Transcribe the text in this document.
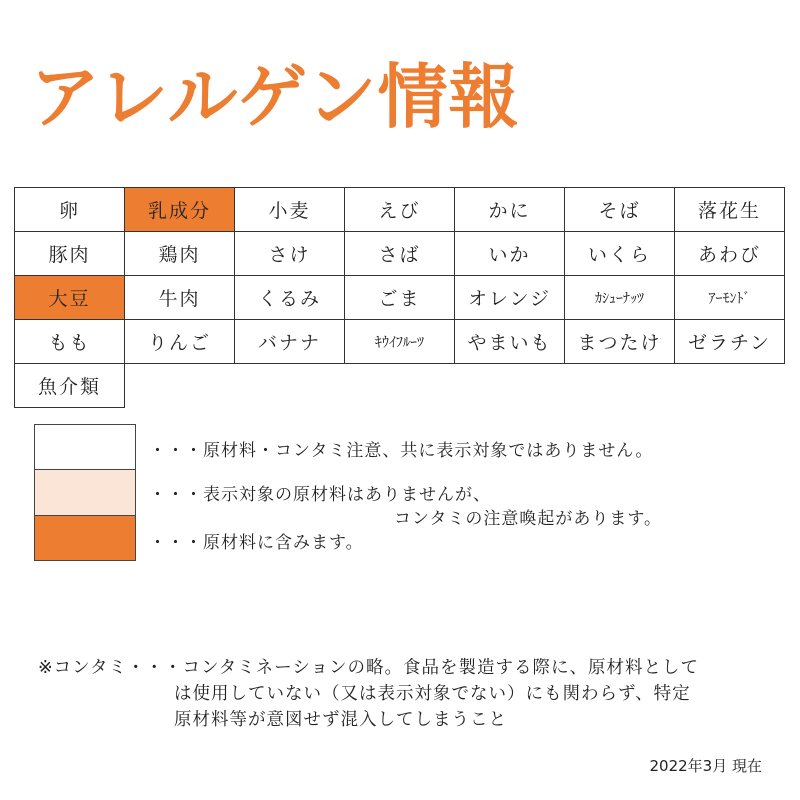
アレルゲン情報
卵	乳成分	小麦	えび	かに	そば	落花生
豚肉	鶏肉	さけ	さば	いか	いくら	あわび
大豆	牛肉	くるみ	ごま	オレンジ	ｶｼｭｰﾅｯﾂ	ｱｰﾓﾝﾄﾞ
もも	りんご	バナナ	ｷｳｲﾌﾙｰﾂ	やまいも	まつたけ	ゼラチン
魚介類						
・・・原材料・コンタミ注意、共に表示対象ではありません。
・・・表示対象の原材料はありませんが、
コンタミの注意喚起があります。
・・・原材料に含みます。
※コンタミ・・・コンタミネーションの略。食品を製造する際に、原材料として
は使用していない（又は表示対象でない）にも関わらず、特定
原材料等が意図せず混入してしまうこと
2022年3月 現在
